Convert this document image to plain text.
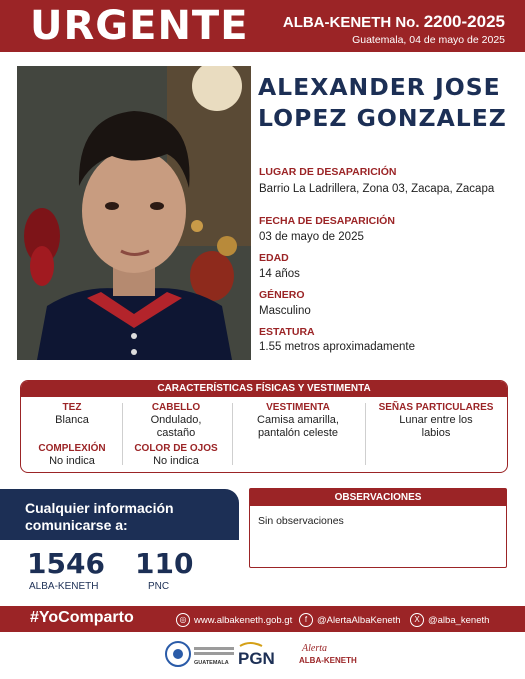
URGENTE ALBA-KENETH No. 2200-2025
Guatemala, 04 de mayo de 2025
ALEXANDER JOSE
LOPEZ GONZALEZ
LUGAR DE DESAPARICIÓN
Barrio La Ladrillera, Zona 03, Zacapa, Zacapa
FECHA DE DESAPARICIÓN
03 de mayo de 2025
EDAD
14 años
GÉNERO
Masculino
ESTATURA
1.55 metros aproximadamente
CARACTERÍSTICAS FÍSICAS Y VESTIMENTA
TEZ
Blanca
COMPLEXIÓN
No indica
CABELLO
Ondulado,
castaño
COLOR DE OJOS
No indica
VESTIMENTA
Camisa amarilla,
pantalón celeste
SEÑAS PARTICULARES
Lunar entre los
labios
Cualquier información
comunicarse a:
1546
ALBA-KENETH
110
PNC
OBSERVACIONES
Sin observaciones
#YoComparto	◎ www.albakeneth.gob.gt	f	@AlertaAlbaKeneth	X @alba_keneth
GUATEMALA PGN
Alerta
ALBA-KENETH
